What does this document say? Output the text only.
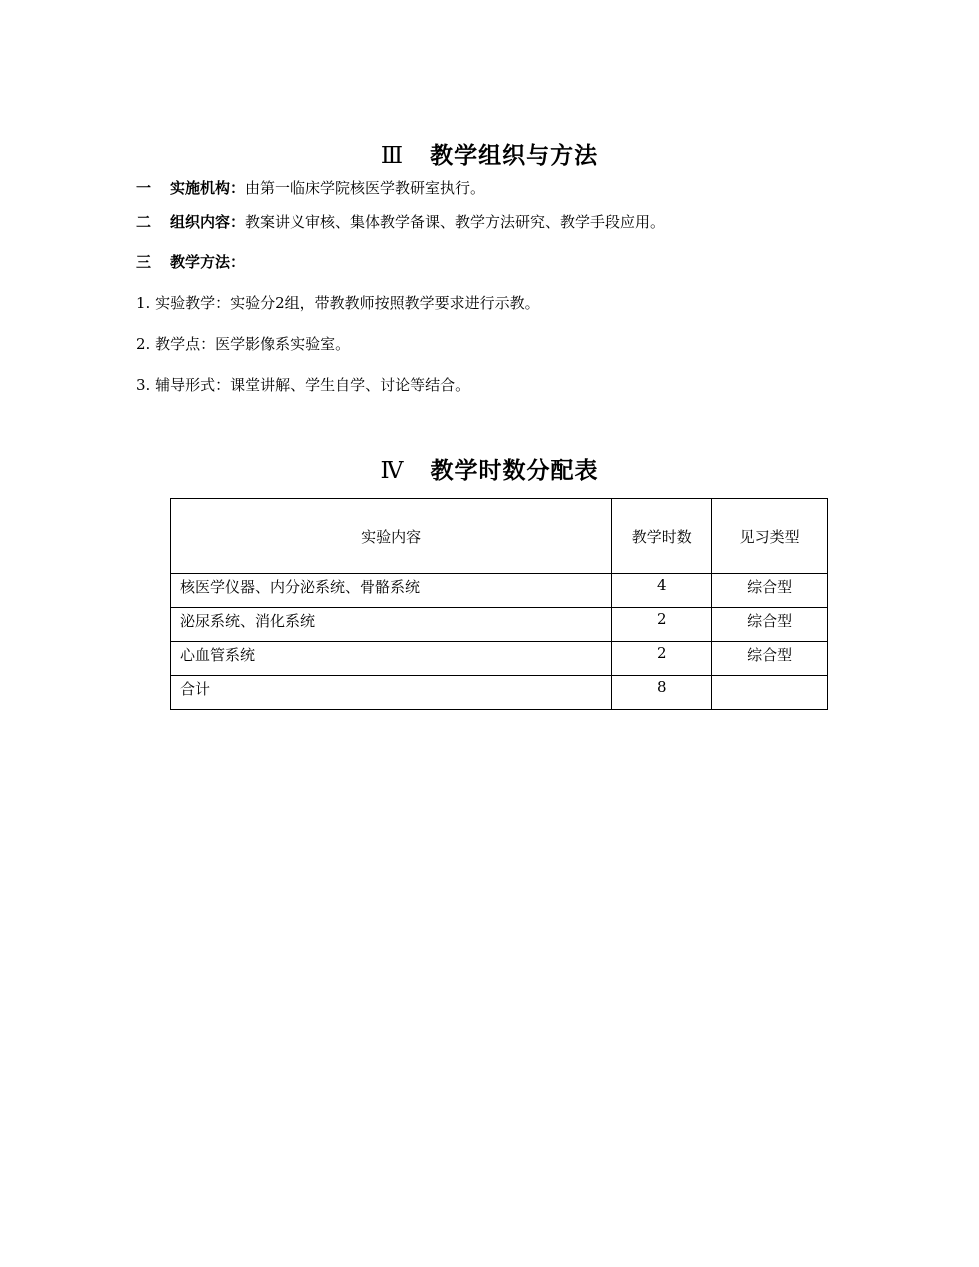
Ⅲ 教学组织与方法
一 实施机构：由第一临床学院核医学教研室执行。
二 组织内容：教案讲义审核、集体教学备课、教学方法研究、教学手段应用。
三 教学方法：
1. 实验教学：实验分2组，带教教师按照教学要求进行示教。
2. 教学点：医学影像系实验室。
3. 辅导形式：课堂讲解、学生自学、讨论等结合。
Ⅳ 教学时数分配表
实验内容	教学时数	见习类型
核医学仪器、内分泌系统、骨骼系统	4	综合型
泌尿系统、消化系统	2	综合型
心血管系统	2	综合型
合计	8	
